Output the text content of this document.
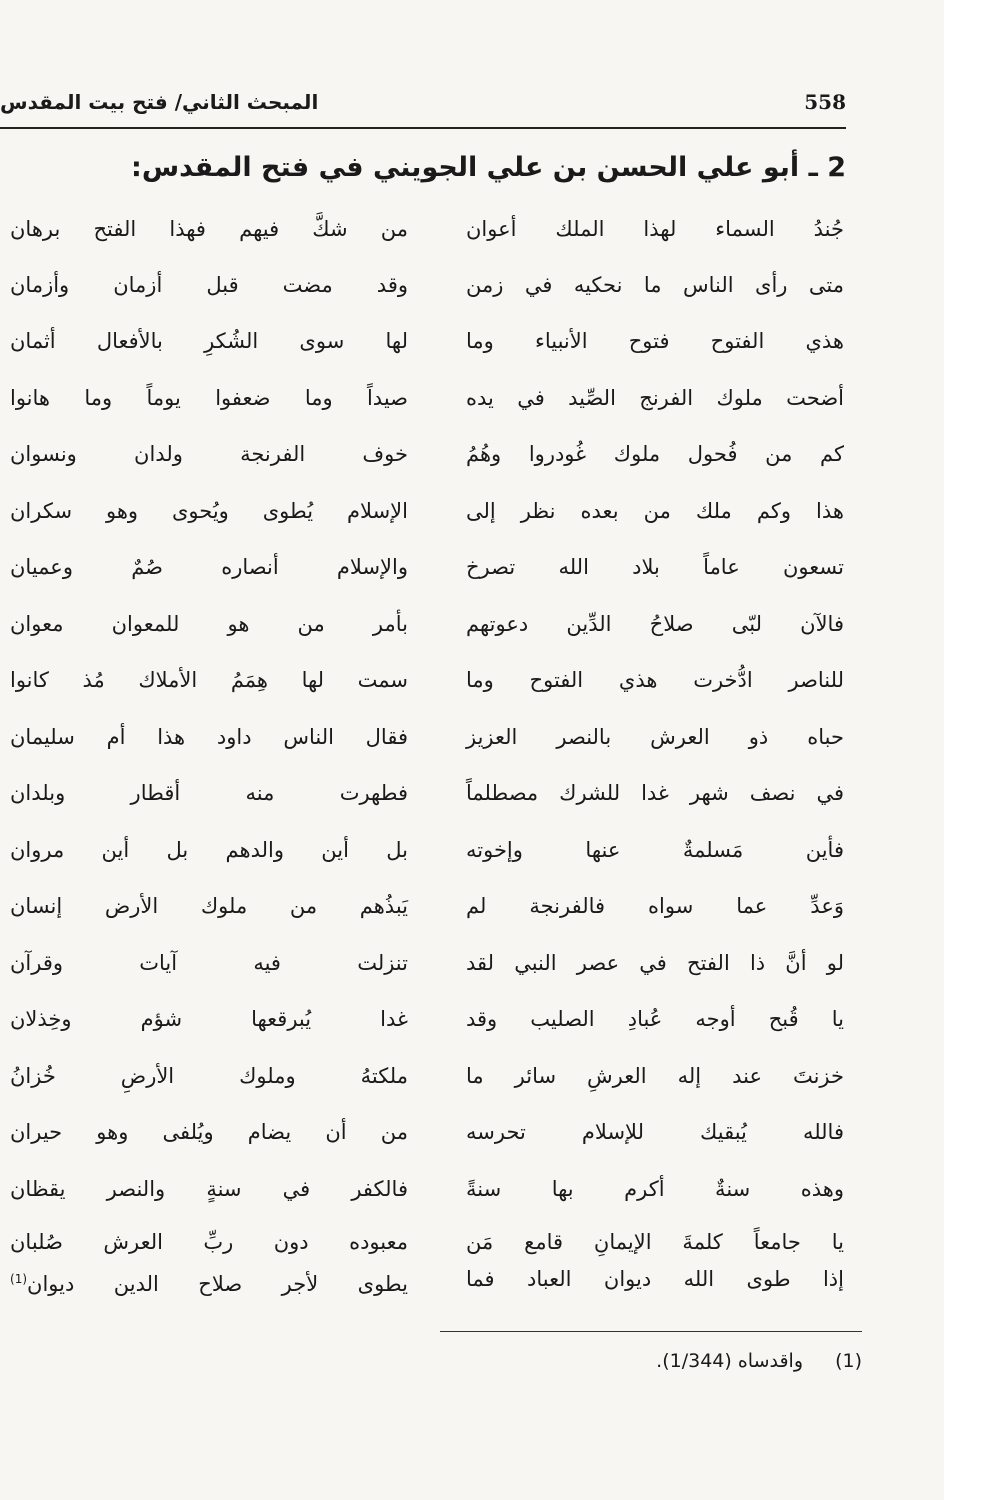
558
المبحث الثاني/ فتح بيت المقدس
2 ـ أبو علي الحسن بن علي الجويني في فتح المقدس:
جُندُ السماء لهذا الملك أعوان
من شكَّ فيهم فهذا الفتح برهان
متى رأى الناس ما نحكيه في زمن
وقد مضت قبل أزمان وأزمان
هذي الفتوح فتوح الأنبياء وما
لها سوى الشُكرِ بالأفعال أثمان
أضحت ملوك الفرنج الصِّيد في يده
صيداً وما ضعفوا يوماً وما هانوا
كم من فُحول ملوك غُودروا وهُمُ
خوف الفرنجة ولدان ونسوان
هذا وكم ملك من بعده نظر إلى
الإسلام يُطوى ويُحوى وهو سكران
تسعون عاماً بلاد الله تصرخ
والإسلام أنصاره صُمٌ وعميان
فالآن لبّى صلاحُ الدِّين دعوتهم
بأمر من هو للمعوان معوان
للناصر ادُّخرت هذي الفتوح وما
سمت لها هِمَمُ الأملاك مُذ كانوا
حباه ذو العرش بالنصر العزيز
فقال الناس داود هذا أم سليمان
في نصف شهر غدا للشرك مصطلماً
فطهرت منه أقطار وبلدان
فأين مَسلمةٌ عنها وإخوته
بل أين والدهم بل أين مروان
وَعدِّ عما سواه فالفرنجة لم
يَبذُهم من ملوك الأرض إنسان
لو أنَّ ذا الفتح في عصر النبي لقد
تنزلت فيه آيات وقرآن
يا قُبح أوجه عُبادِ الصليب وقد
غدا يُبرقعها شؤم وخِذلان
خزنتَ عند إله العرشِ سائر ما
ملكتهُ وملوك الأرضِ خُزانُ
فالله يُبقيك للإسلام تحرسه
من أن يضام ويُلفى وهو حيران
وهذه سنةٌ أكرم بها سنةً
فالكفر في سنةٍ والنصر يقظان
يا جامعاً كلمةَ الإيمانِ قامع مَن
معبوده دون ربِّ العرش صُلبان
إذا طوى الله ديوان العباد فما
يطوى لأجر صلاح الدين ديوان$^{(1)}$
(1) واقدساه (1/344).
